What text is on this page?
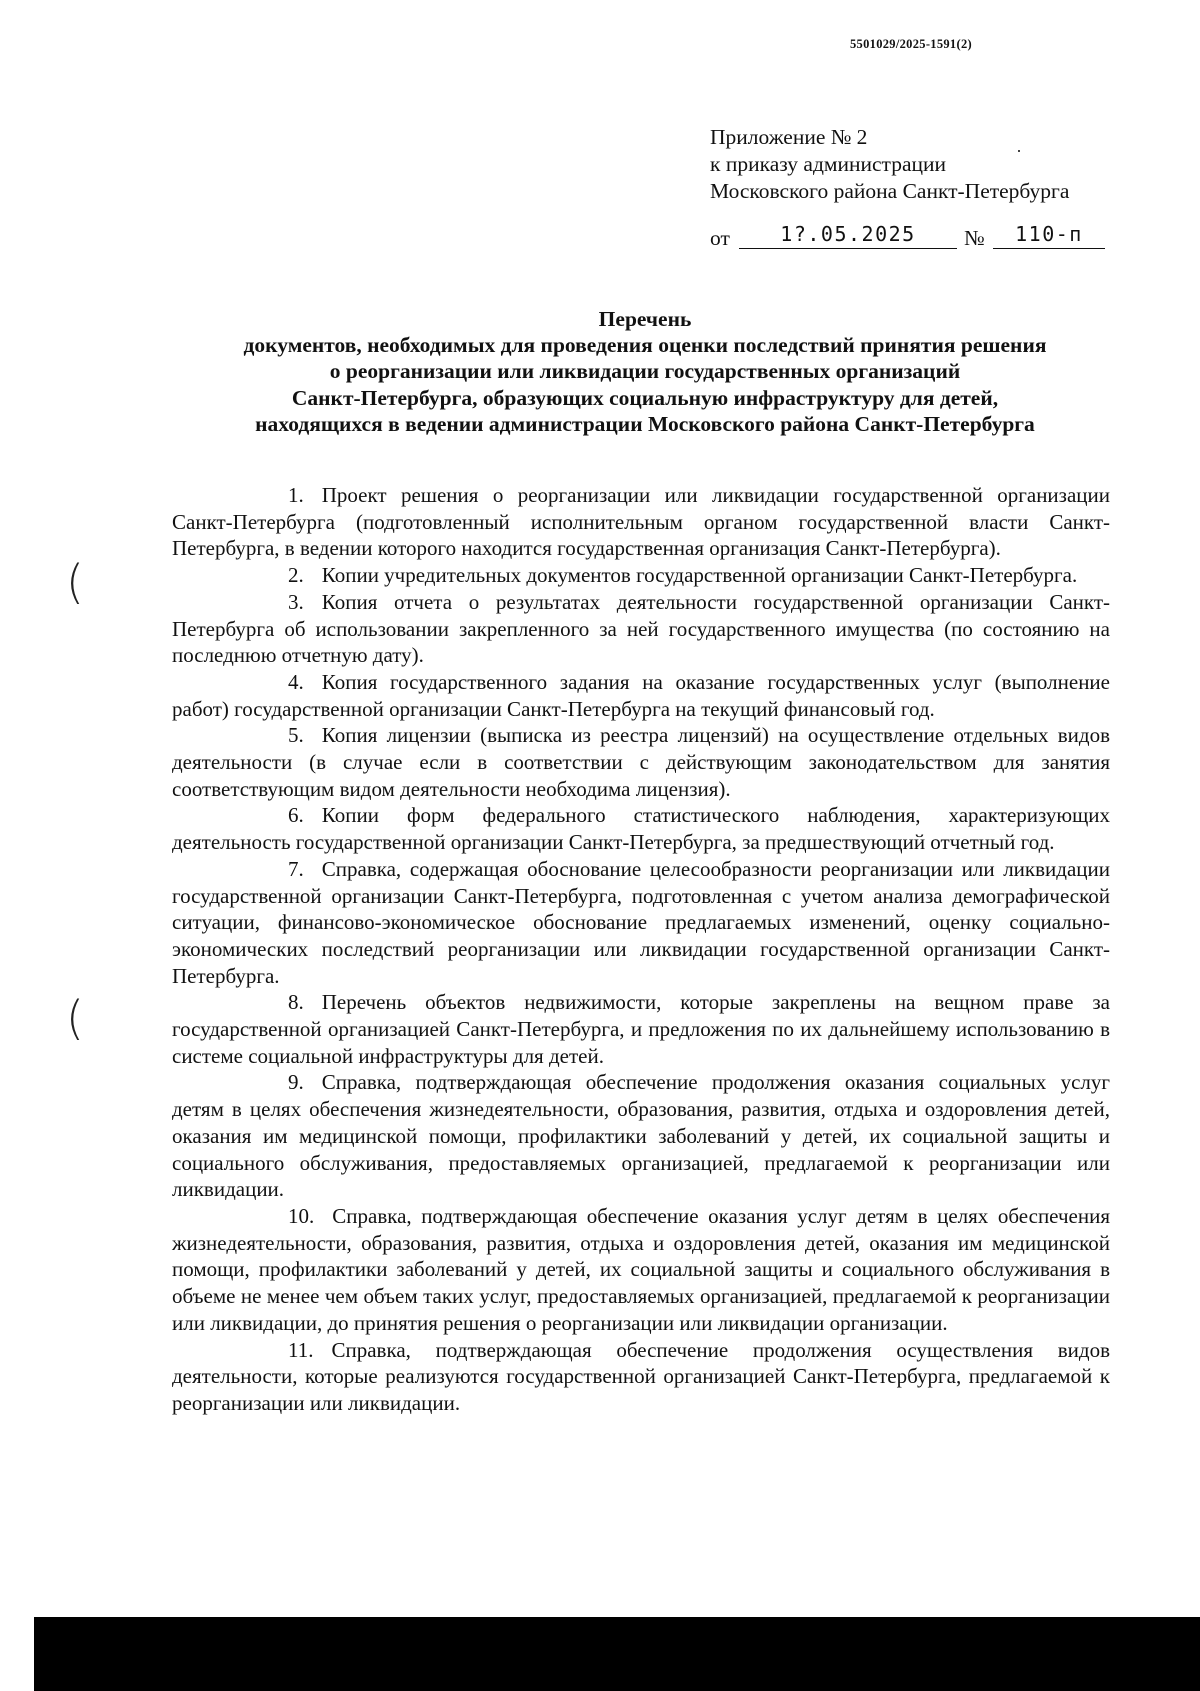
5501029/2025-1591(2)
Приложение № 2
к приказу администрации
Московского района Санкт-Петербурга
от	1?.05.2025	№	110-п
Перечень
документов, необходимых для проведения оценки последствий принятия решения
о реорганизации или ликвидации государственных организаций
Санкт-Петербурга, образующих социальную инфраструктуру для детей,
находящихся в ведении администрации Московского района Санкт-Петербурга

1. Проект решения о реорганизации или ликвидации государственной организации Санкт-Петербурга (подготовленный исполнительным органом государственной власти Санкт-Петербурга, в ведении которого находится государственная организация Санкт-Петербурга).

2. Копии учредительных документов государственной организации Санкт-Петербурга.

3. Копия отчета о результатах деятельности государственной организации Санкт-Петербурга об использовании закрепленного за ней государственного имущества (по состоянию на последнюю отчетную дату).

4. Копия государственного задания на оказание государственных услуг (выполнение работ) государственной организации Санкт-Петербурга на текущий финансовый год.

5. Копия лицензии (выписка из реестра лицензий) на осуществление отдельных видов деятельности (в случае если в соответствии с действующим законодательством для занятия соответствующим видом деятельности необходима лицензия).

6. Копии форм федерального статистического наблюдения, характеризующих деятельность государственной организации Санкт-Петербурга, за предшествующий отчетный год.

7. Справка, содержащая обоснование целесообразности реорганизации или ликвидации государственной организации Санкт-Петербурга, подготовленная с учетом анализа демографической ситуации, финансово-экономическое обоснование предлагаемых изменений, оценку социально-экономических последствий реорганизации или ликвидации государственной организации Санкт-Петербурга.

8. Перечень объектов недвижимости, которые закреплены на вещном праве за государственной организацией Санкт-Петербурга, и предложения по их дальнейшему использованию в системе социальной инфраструктуры для детей.

9. Справка, подтверждающая обеспечение продолжения оказания социальных услуг детям в целях обеспечения жизнедеятельности, образования, развития, отдыха и оздоровления детей, оказания им медицинской помощи, профилактики заболеваний у детей, их социальной защиты и социального обслуживания, предоставляемых организацией, предлагаемой к реорганизации или ликвидации.

10. Справка, подтверждающая обеспечение оказания услуг детям в целях обеспечения жизнедеятельности, образования, развития, отдыха и оздоровления детей, оказания им медицинской помощи, профилактики заболеваний у детей, их социальной защиты и социального обслуживания в объеме не менее чем объем таких услуг, предоставляемых организацией, предлагаемой к реорганизации или ликвидации, до принятия решения о реорганизации или ликвидации организации.

11. Справка, подтверждающая обеспечение продолжения осуществления видов деятельности, которые реализуются государственной организацией Санкт-Петербурга, предлагаемой к реорганизации или ликвидации.

(
(
